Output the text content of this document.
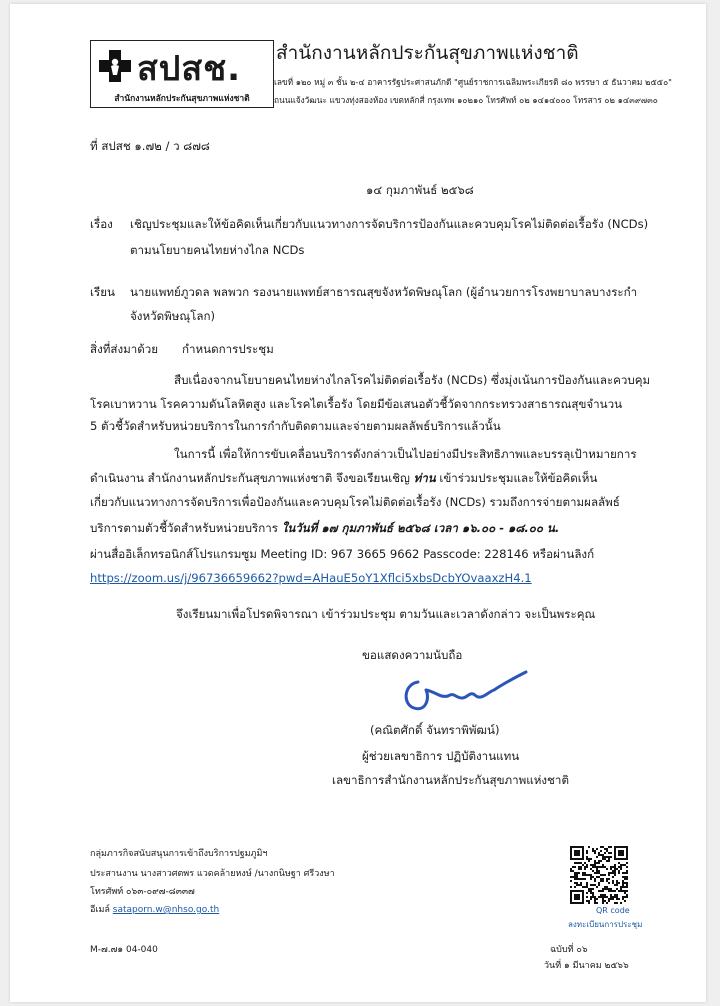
สปสช.
สำนักงานหลักประกันสุขภาพแห่งชาติ
สำนักงานหลักประกันสุขภาพแห่งชาติ
เลขที่ ๑๒๐ หมู่ ๓ ชั้น ๒-๔ อาคารรัฐประศาสนภักดี "ศูนย์ราชการเฉลิมพระเกียรติ ๘๐ พรรษา ๕ ธันวาคม ๒๕๕๐"
ถนนแจ้งวัฒนะ แขวงทุ่งสองห้อง เขตหลักสี่ กรุงเทพ ๑๐๒๑๐ โทรศัพท์ ๐๒ ๑๔๑๔๐๐๐ โทรสาร ๐๒ ๑๔๓๙๗๓๐
ที่ สปสช ๑.๗๒ / ว ๘๗๘
๑๔ กุมภาพันธ์ ๒๕๖๘
เรื่อง เชิญประชุมและให้ข้อคิดเห็นเกี่ยวกับแนวทางการจัดบริการป้องกันและควบคุมโรคไม่ติดต่อเรื้อรัง (NCDs)
ตามนโยบายคนไทยห่างไกล NCDs
เรียน นายแพทย์ภูวดล พลพวก รองนายแพทย์สาธารณสุขจังหวัดพิษณุโลก (ผู้อำนวยการโรงพยาบาลบางระกำ
จังหวัดพิษณุโลก)
สิ่งที่ส่งมาด้วย กำหนดการประชุม
สืบเนื่องจากนโยบายคนไทยห่างไกลโรคไม่ติดต่อเรื้อรัง (NCDs) ซึ่งมุ่งเน้นการป้องกันและควบคุม
โรคเบาหวาน โรคความดันโลหิตสูง และโรคไตเรื้อรัง โดยมีข้อเสนอตัวชี้วัดจากกระทรวงสาธารณสุขจำนวน
5 ตัวชี้วัดสำหรับหน่วยบริการในการกำกับติดตามและจ่ายตามผลลัพธ์บริการแล้วนั้น
ในการนี้ เพื่อให้การขับเคลื่อนบริการดังกล่าวเป็นไปอย่างมีประสิทธิภาพและบรรลุเป้าหมายการ
ดำเนินงาน สำนักงานหลักประกันสุขภาพแห่งชาติ จึงขอเรียนเชิญ ท่าน เข้าร่วมประชุมและให้ข้อคิดเห็น
เกี่ยวกับแนวทางการจัดบริการเพื่อป้องกันและควบคุมโรคไม่ติดต่อเรื้อรัง (NCDs) รวมถึงการจ่ายตามผลลัพธ์
บริการตามตัวชี้วัดสำหรับหน่วยบริการ ในวันที่ ๑๗ กุมภาพันธ์ ๒๕๖๘ เวลา ๑๖.๐๐ - ๑๘.๐๐ น.
ผ่านสื่ออิเล็กทรอนิกส์โปรแกรมซูม Meeting ID: 967 3665 9662 Passcode: 228146 หรือผ่านลิงก์
https://zoom.us/j/96736659662?pwd=AHauE5oY1Xflci5xbsDcbYOvaaxzH4.1
จึงเรียนมาเพื่อโปรดพิจารณา เข้าร่วมประชุม ตามวันและเวลาดังกล่าว จะเป็นพระคุณ
ขอแสดงความนับถือ
(คณิตศักดิ์ จันทราพิพัฒน์)
ผู้ช่วยเลขาธิการ ปฏิบัติงานแทน
เลขาธิการสำนักงานหลักประกันสุขภาพแห่งชาติ
กลุ่มภารกิจสนับสนุนการเข้าถึงบริการปฐมภูมิฯ
ประสานงาน นางสาวศตพร แวดคล้ายหงษ์ /นางกนิษฐา ศรีวงษา
โทรศัพท์ ๐๖๓-๐๙๗-๘๓๓๗
อีเมล์ sataporn.w@nhso.go.th	QR code
ลงทะเบียนการประชุม
M-๗.๗๑ 04-040	ฉบับที่ ๐๖
วันที่ ๑ มีนาคม ๒๕๖๖
